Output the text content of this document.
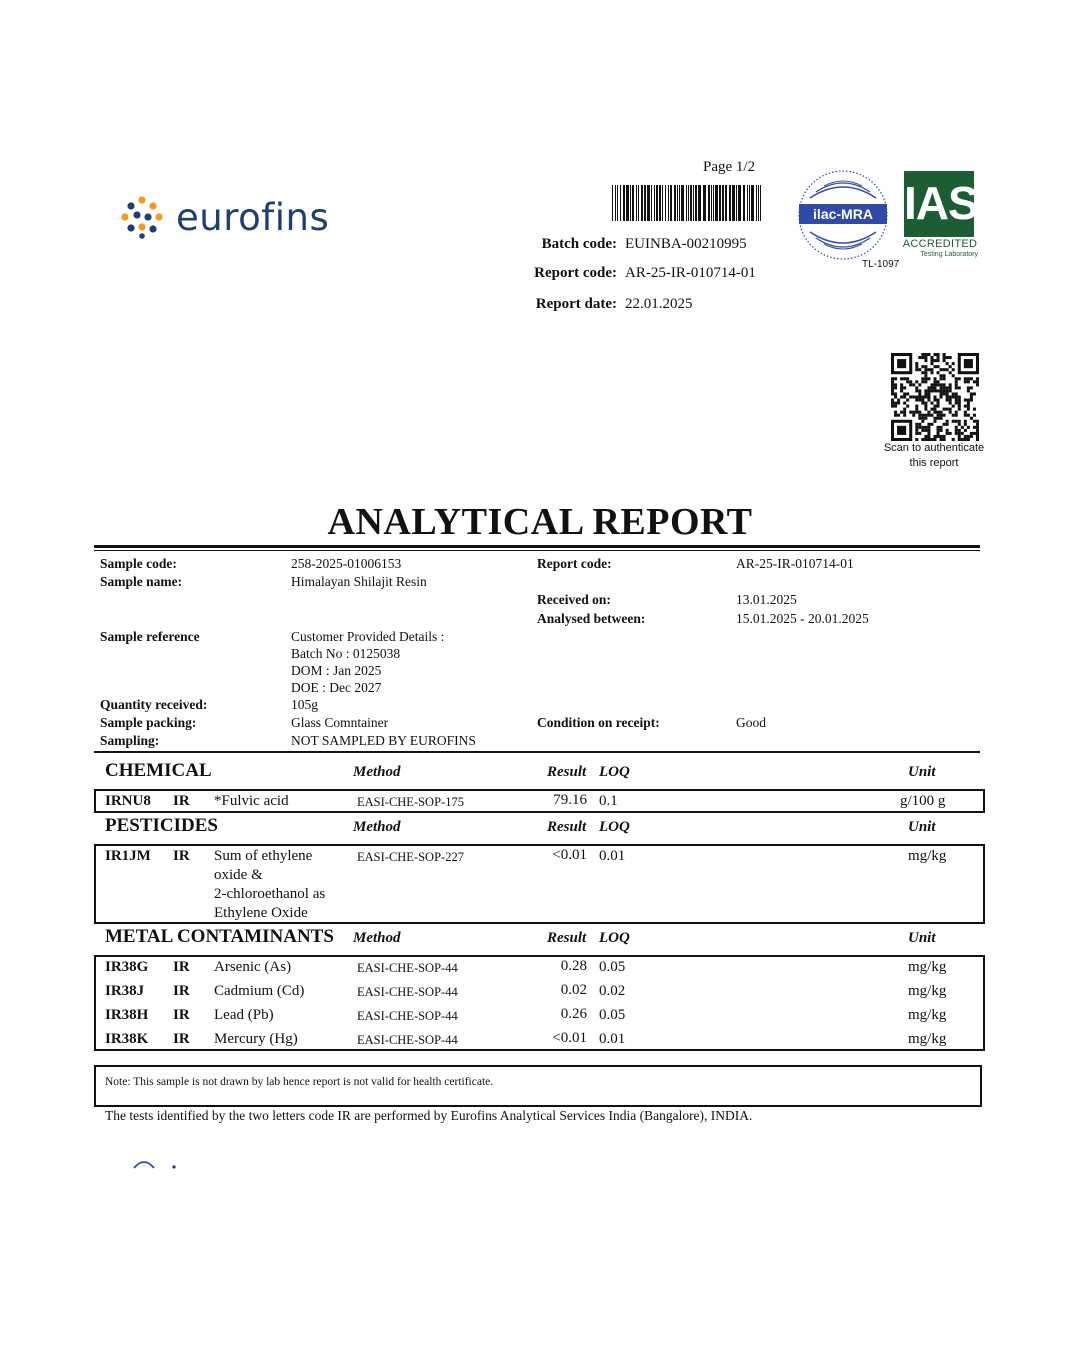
eurofins
Page 1/2
Batch code: EUINBA-00210995
Report code: AR-25-IR-010714-01
Report date: 22.01.2025
ilac-MRA IAS
ACCREDITED
Testing Laboratory
TL-1097
Scan to authenticate
this report
ANALYTICAL REPORT
Sample code:	258-2025-01006153	Report code:	AR-25-IR-010714-01
Sample name:	Himalayan Shilajit Resin
Received on:	13.01.2025
Analysed between:	15.01.2025 - 20.01.2025
Sample reference	Customer Provided Details :
Batch No : 0125038
DOM : Jan 2025
DOE : Dec 2027
Quantity received:	105g
Sample packing:	Glass Comntainer	Condition on receipt:	Good
Sampling:	NOT SAMPLED BY EUROFINS
CHEMICAL	Method	Result LOQ	Unit
IRNU8 IR *Fulvic acid	EASI-CHE-SOP-175	79.16 0.1	g/100 g
PESTICIDES	Method	Result LOQ	Unit
IR1JM IR Sum of ethylene
oxide &
2-chloroethanol as
Ethylene Oxide
EASI-CHE-SOP-227	<0.01 0.01	mg/kg
METAL CONTAMINANTS Method	Result LOQ	Unit
IR38G IR Arsenic (As)	EASI-CHE-SOP-44	0.28 0.05	mg/kg
IR38J IR Cadmium (Cd)	EASI-CHE-SOP-44	0.02 0.02	mg/kg
IR38H IR Lead (Pb)	EASI-CHE-SOP-44	0.26 0.05	mg/kg
IR38K IR Mercury (Hg)	EASI-CHE-SOP-44	<0.01 0.01	mg/kg
Note: This sample is not drawn by lab hence report is not valid for health certificate.
The tests identified by the two letters code IR are performed by Eurofins Analytical Services India (Bangalore), INDIA.
